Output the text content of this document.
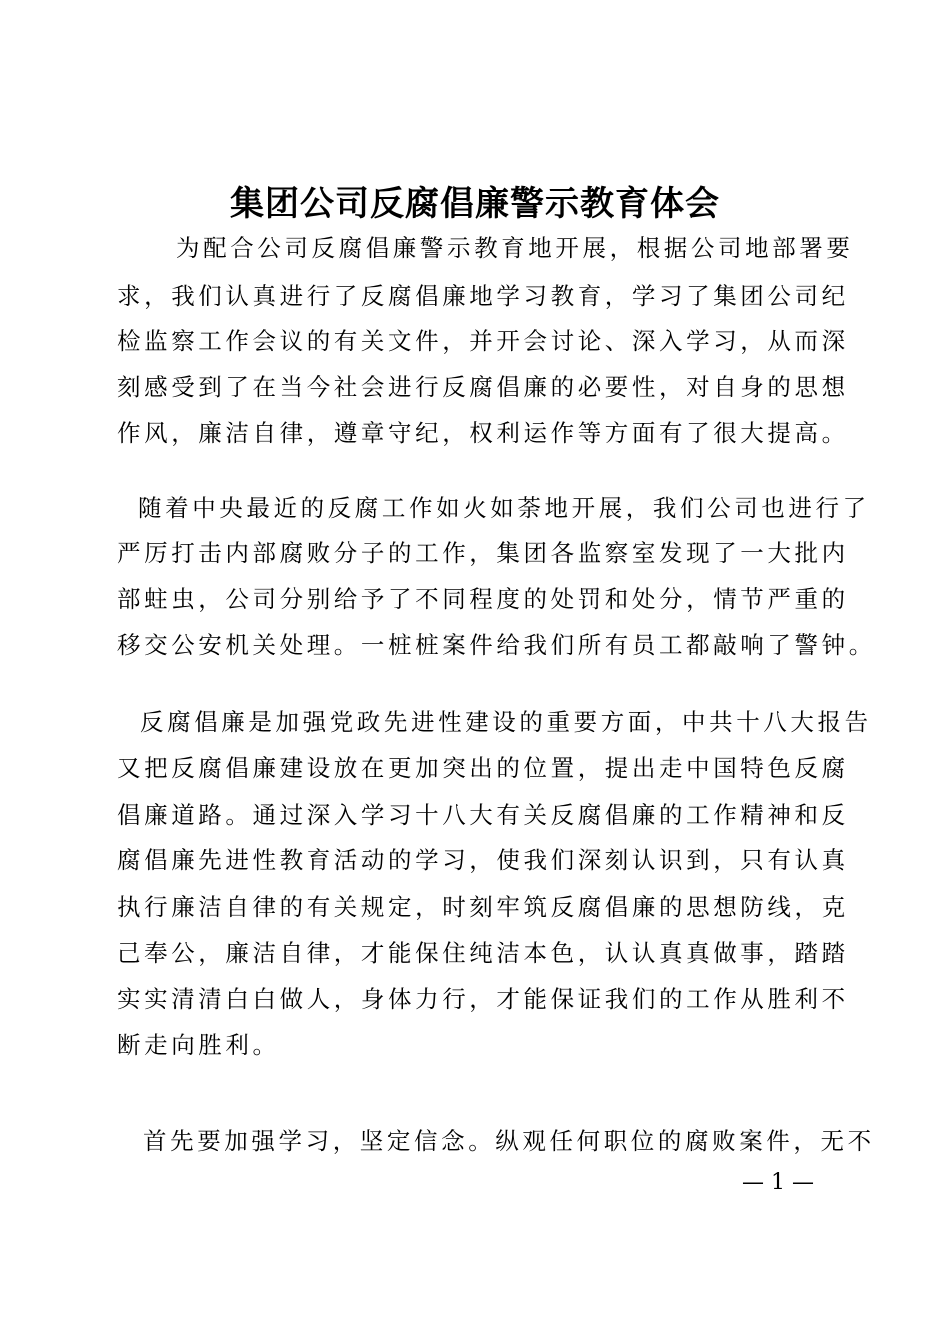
集团公司反腐倡廉警示教育体会
为配合公司反腐倡廉警示教育地开展，根据公司地部署要
求，我们认真进行了反腐倡廉地学习教育，学习了集团公司纪
检监察工作会议的有关文件，并开会讨论、深入学习，从而深
刻感受到了在当今社会进行反腐倡廉的必要性，对自身的思想
作风，廉洁自律，遵章守纪，权利运作等方面有了很大提高。
随着中央最近的反腐工作如火如荼地开展，我们公司也进行了
严厉打击内部腐败分子的工作，集团各监察室发现了一大批内
部蛀虫，公司分别给予了不同程度的处罚和处分，情节严重的
移交公安机关处理。一桩桩案件给我们所有员工都敲响了警钟。
反腐倡廉是加强党政先进性建设的重要方面，中共十八大报告
又把反腐倡廉建设放在更加突出的位置，提出走中国特色反腐
倡廉道路。通过深入学习十八大有关反腐倡廉的工作精神和反
腐倡廉先进性教育活动的学习，使我们深刻认识到，只有认真
执行廉洁自律的有关规定，时刻牢筑反腐倡廉的思想防线，克
己奉公，廉洁自律，才能保住纯洁本色，认认真真做事，踏踏
实实清清白白做人，身体力行，才能保证我们的工作从胜利不
断走向胜利。
首先要加强学习，坚定信念。纵观任何职位的腐败案件，无不
— 1 —
